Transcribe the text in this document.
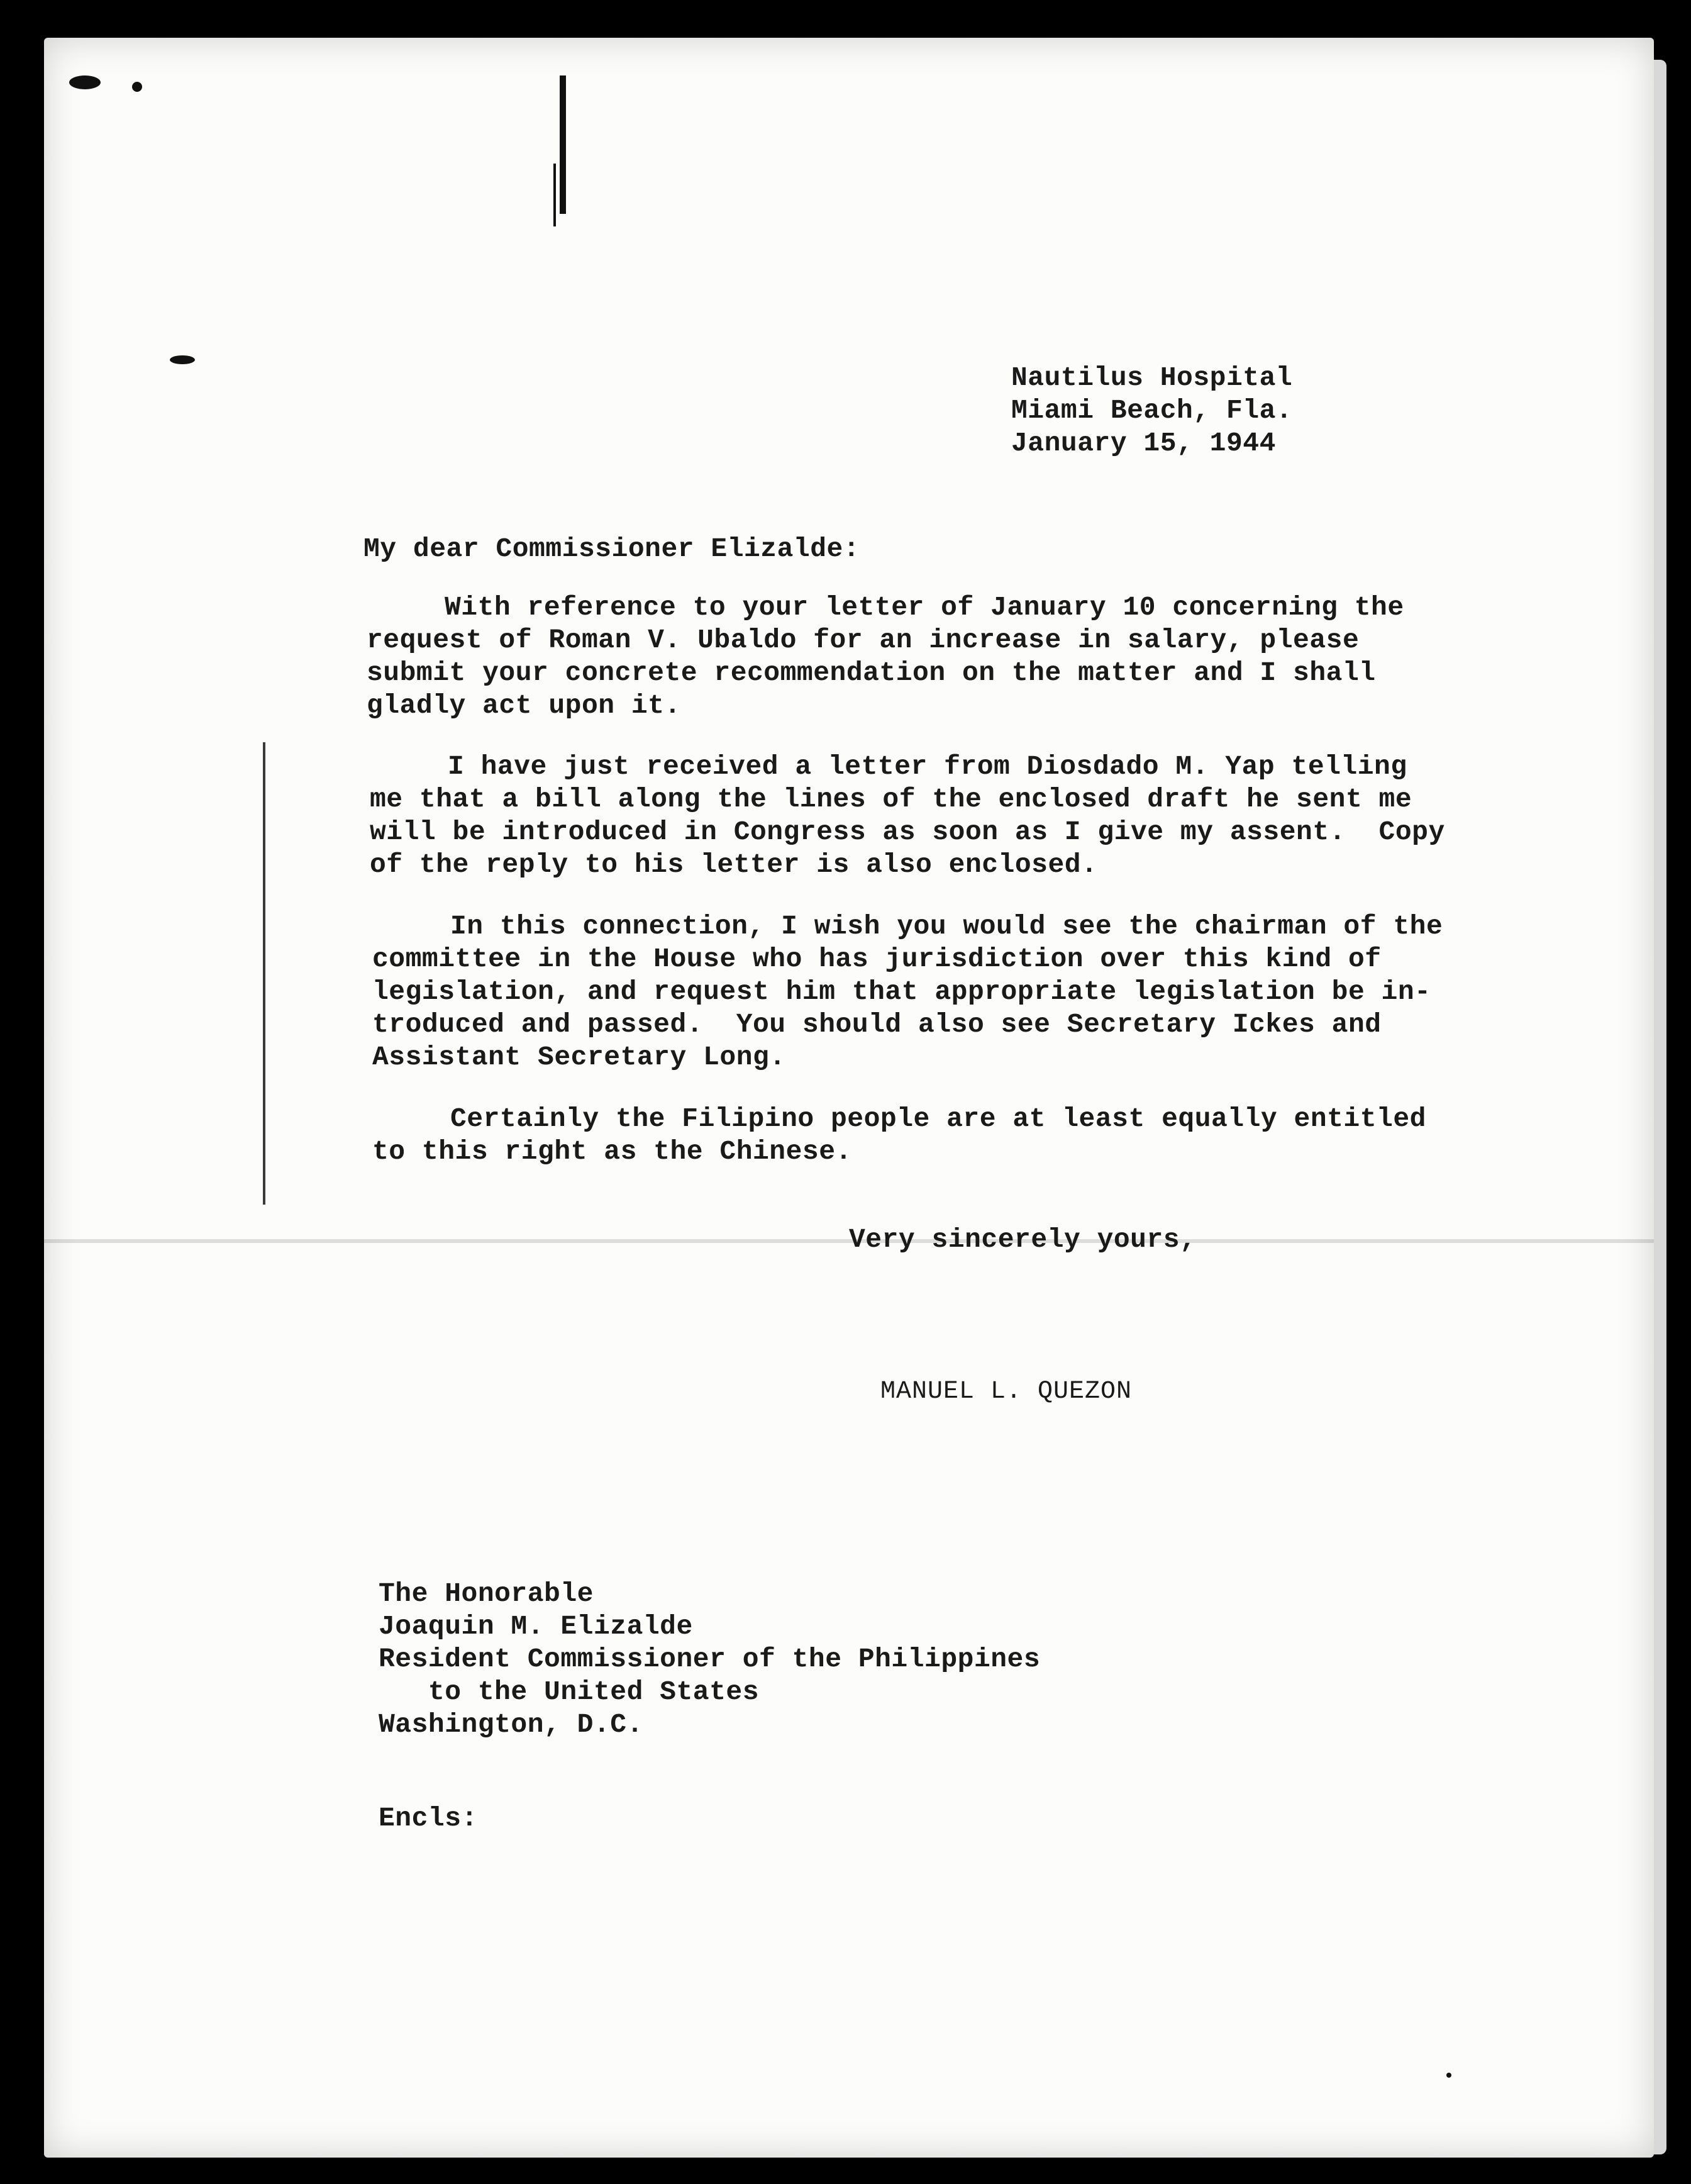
Nautilus Hospital
Miami Beach, Fla.
January 15, 1944
My dear Commissioner Elizalde:
With reference to your letter of January 10 concerning the
request of Roman V. Ubaldo for an increase in salary, please
submit your concrete recommendation on the matter and I shall
gladly act upon it.
I have just received a letter from Diosdado M. Yap telling
me that a bill along the lines of the enclosed draft he sent me
will be introduced in Congress as soon as I give my assent.  Copy
of the reply to his letter is also enclosed.
In this connection, I wish you would see the chairman of the
committee in the House who has jurisdiction over this kind of
legislation, and request him that appropriate legislation be in-
troduced and passed.  You should also see Secretary Ickes and
Assistant Secretary Long.
Certainly the Filipino people are at least equally entitled
to this right as the Chinese.
Very sincerely yours,
MANUEL L. QUEZON
The Honorable
Joaquin M. Elizalde
Resident Commissioner of the Philippines
to the United States
Washington, D.C.
Encls:
